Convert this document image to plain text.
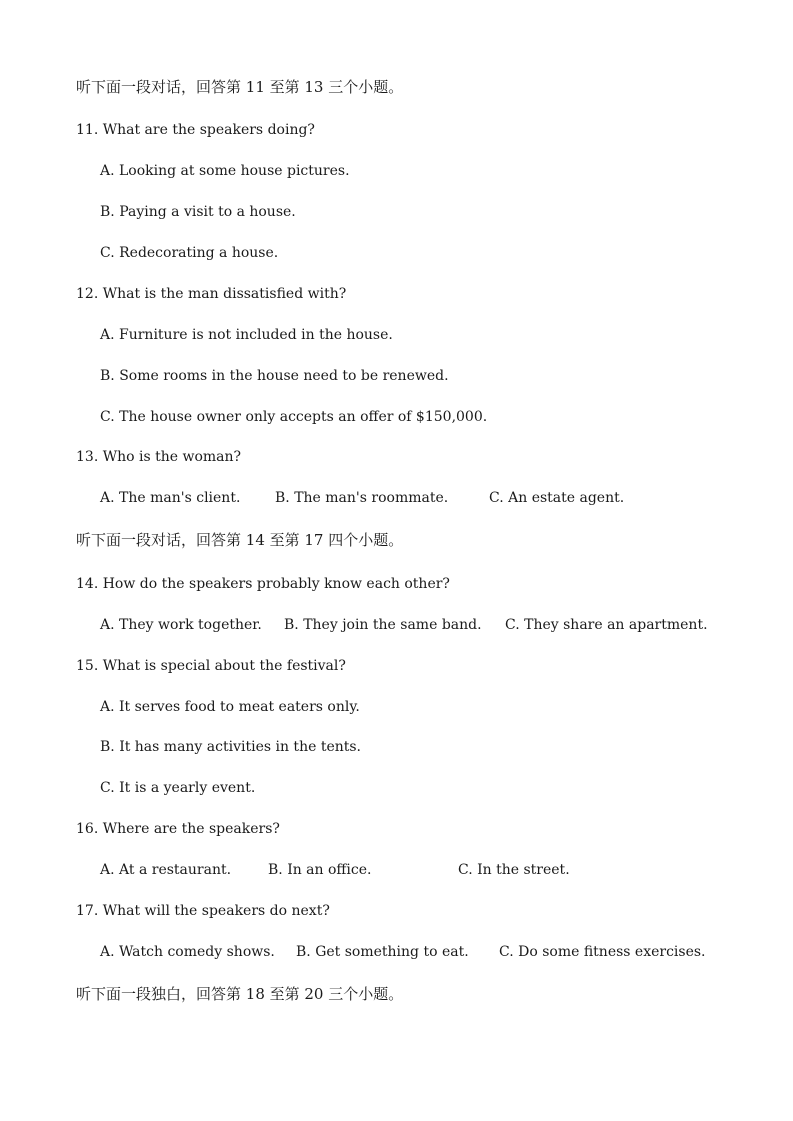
听下面一段对话，回答第 11 至第 13 三个小题。
11. What are the speakers doing?
A. Looking at some house pictures.
B. Paying a visit to a house.
C. Redecorating a house.
12. What is the man dissatisfied with?
A. Furniture is not included in the house.
B. Some rooms in the house need to be renewed.
C. The house owner only accepts an offer of $150,000.
13. Who is the woman?
A. The man's client. B. The man's roommate.	C. An estate agent.
听下面一段对话，回答第 14 至第 17 四个小题。
14. How do the speakers probably know each other?
A. They work together. B. They join the same band. C. They share an apartment.
15. What is special about the festival?
A. It serves food to meat eaters only.
B. It has many activities in the tents.
C. It is a yearly event.
16. Where are the speakers?
A. At a restaurant.	B. In an office.	C. In the street.
17. What will the speakers do next?
A. Watch comedy shows. B. Get something to eat. C. Do some fitness exercises.
听下面一段独白，回答第 18 至第 20 三个小题。
